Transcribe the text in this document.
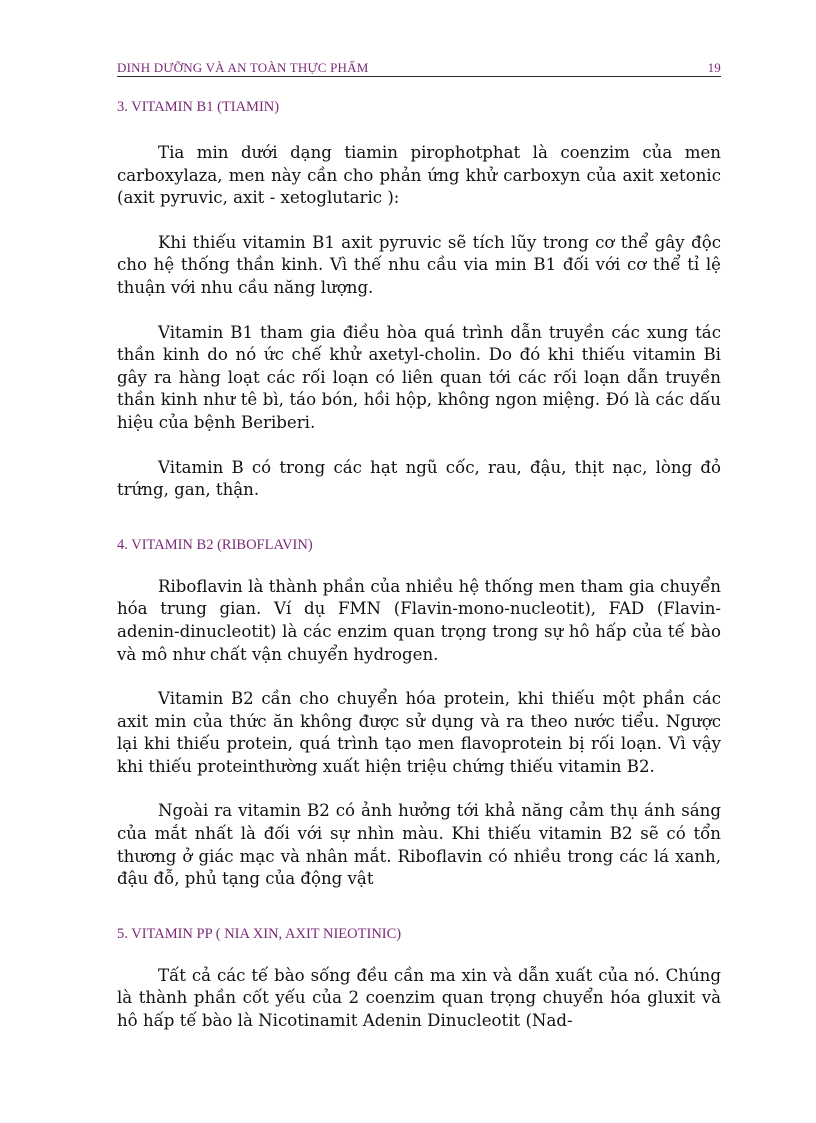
DINH DƯỠNG VÀ AN TOÀN THỰC PHẨM	19
3. VITAMIN B1 (TIAMIN)

Tia min dưới dạng tiamin pirophotphat là coenzim của men carboxylaza, men này cần cho phản ứng khử carboxyn của axit xetonic (axit pyruvic, axit - xetoglutaric ):

Khi thiếu vitamin B1 axit pyruvic sẽ tích lũy trong cơ thể gây độc cho hệ thống thần kinh. Vì thế nhu cầu via min B1 đối với cơ thể tỉ lệ thuận với nhu cầu năng lượng.

Vitamin B1 tham gia điều hòa quá trình dẫn truyền các xung tác thần kinh do nó ức chế khử axetyl-cholin. Do đó khi thiếu vitamin Bi gây ra hàng loạt các rối loạn có liên quan tới các rối loạn dẫn truyền thần kinh như tê bì, táo bón, hồi hộp, không ngon miệng. Đó là các dấu hiệu của bệnh Beriberi.

Vitamin B có trong các hạt ngũ cốc, rau, đậu, thịt nạc, lòng đỏ trứng, gan, thận.

4. VITAMIN B2 (RIBOFLAVIN)

Riboflavin là thành phần của nhiều hệ thống men tham gia chuyển hóa trung gian. Ví dụ FMN (Flavin-mono-nucleotit), FAD (Flavin-adenin-dinucleotit) là các enzim quan trọng trong sự hô hấp của tế bào và mô như chất vận chuyển hydrogen.

Vitamin B2 cần cho chuyển hóa protein, khi thiếu một phần các axit min của thức ăn không được sử dụng và ra theo nước tiểu. Ngược lại khi thiếu protein, quá trình tạo men flavoprotein bị rối loạn. Vì vậy khi thiếu proteinthường xuất hiện triệu chứng thiếu vitamin B2.

Ngoài ra vitamin B2 có ảnh hưởng tới khả năng cảm thụ ánh sáng của mắt nhất là đối với sự nhìn màu. Khi thiếu vitamin B2 sẽ có tổn thương ở giác mạc và nhân mắt. Riboflavin có nhiều trong các lá xanh, đậu đỗ, phủ tạng của động vật

5. VITAMIN PP ( NIA XIN, AXIT NIEOTINIC)

Tất cả các tế bào sống đều cần ma xin và dẫn xuất của nó. Chúng là thành phần cốt yếu của 2 coenzim quan trọng chuyển hóa gluxit và hô hấp tế bào là Nicotinamit Adenin Dinucleotit (Nad-
